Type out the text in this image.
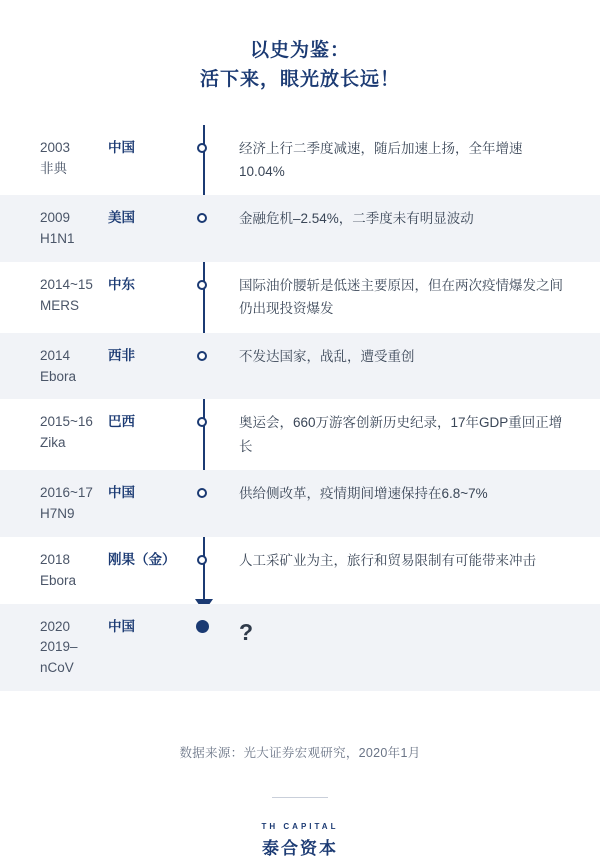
以史为鉴：
活下来，眼光放长远！
2003
非典
中国	经济上行二季度减速，随后加速上扬，全年增速10.04%
2009
H1N1
美国	金融危机–2.54%，二季度未有明显波动
2014~15
MERS
中东	国际油价腰斩是低迷主要原因，但在两次疫情爆发之间仍出现投资爆发
2014
Ebora
西非	不发达国家，战乱，遭受重创
2015~16
Zika
巴西	奥运会，660万游客创新历史纪录，17年GDP重回正增长
2016~17
H7N9
中国	供给侧改革，疫情期间增速保持在6.8~7%
2018
Ebora
刚果（金）	人工采矿业为主，旅行和贸易限制有可能带来冲击
2020
2019–nCoV
中国	?
数据来源：光大证券宏观研究，2020年1月
TH CAPITAL
泰合资本
